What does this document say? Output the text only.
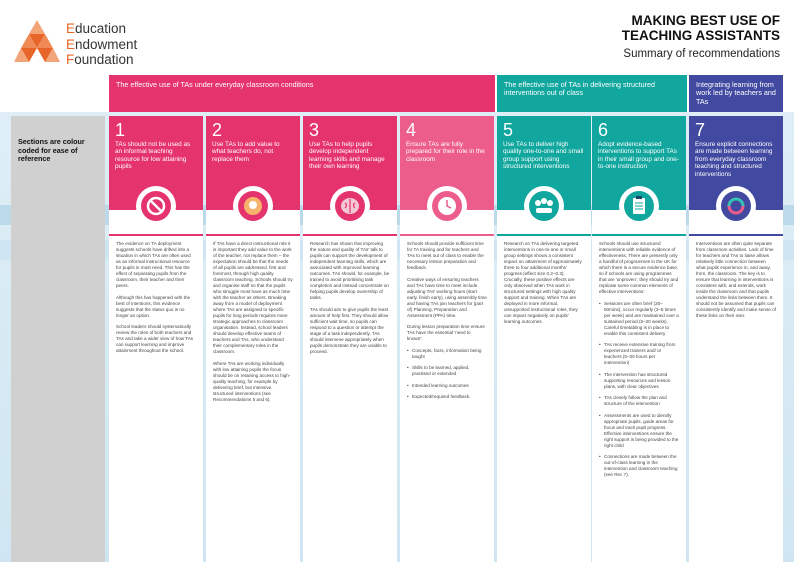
Education
Endowment
Foundation
MAKING BEST USE OF
TEACHING ASSISTANTS
Summary of recommendations
The effective use of TAs under everyday classroom conditions	The effective use of TAs in delivering structured interventions out of class
Integrating learning from work led by teachers and TAs
Sections are colour coded for ease of reference

The evidence on TA deployment suggests schools have drifted into a situation in which TAs are often used as an informal instructional resource for pupils in most need. This has the effect of separating pupils from the classroom, their teacher and their peers.

Although this has happened with the best of intentions, this evidence suggests that the status quo is no longer an option.

School leaders should systematically review the roles of both teachers and TAs and take a wider view of how TAs can support learning and improve attainment throughout the school.

1
TAs should not be used as an informal teaching resource for low attaining pupils

If TAs have a direct instructional role it is important they add value to the work of the teacher, not replace them – the expectation should be that the needs of all pupils are addressed, first and foremost, through high quality classroom teaching. Schools should try and organise staff so that the pupils who struggle most have as much time with the teacher as others. Breaking away from a model of deployment where TAs are assigned to specific pupils for long periods requires more strategic approaches to classroom organisation. Instead, school leaders should develop effective teams of teachers and TAs, who understand their complementary roles in the classroom.

Where TAs are working individually with low attaining pupils the focus should be on retaining access to high-quality teaching, for example by delivering brief, but intensive, structured interventions (see Recommendations 5 and 6).

2
Use TAs to add value to what teachers do, not replace them

Research has shown that improving the nature and quality of TAs' talk to pupils can support the development of independent learning skills, which are associated with improved learning outcomes. TAs should, for example, be trained to avoid prioritising task completion and instead concentrate on helping pupils develop ownership of tasks.

TAs should aim to give pupils the least amount of help first. They should allow sufficient wait time, so pupils can respond to a question or attempt the stage of a task independently. TAs should intervene appropriately when pupils demonstrate they are unable to proceed.

3
Use TAs to help pupils develop independent learning skills and manage their own learning

Schools should provide sufficient time for TA training and for teachers and TAs to meet out of class to enable the necessary lesson preparation and feedback.

Creative ways of ensuring teachers and TAs have time to meet include adjusting TAs' working hours (start early, finish early), using assembly time and having TAs join teachers for (part of) Planning, Preparation and Assessment (PPA) time.

During lesson preparation time ensure TAs have the essential 'need to knows':

• Concepts, facts, information being taught
• Skills to be learned, applied, practised or extended
• Intended learning outcomes
• Expected/required feedback.
4
Ensure TAs are fully prepared for their role in the classroom

Research on TAs delivering targeted interventions in one-to-one or small group settings shows a consistent impact on attainment of approximately three to four additional months' progress (effect size 0.2–0.3). Crucially, these positive effects are only observed when TAs work in structured settings with high quality support and training. When TAs are deployed in more informal, unsupported instructional roles, they can impact negatively on pupils' learning outcomes.

5
Use TAs to deliver high quality one-to-one and small group support using structured interventions

Schools should use structured interventions with reliable evidence of effectiveness. There are presently only a handful of programmes in the UK for which there is a secure evidence base, so if schools are using programmes that are 'unproven', they should try and replicate some common elements of effective interventions:

• Sessions are often brief (20–50mins), occur regularly (3–5 times per week) and are maintained over a sustained period (8–20 weeks). Careful timetabling is in place to enable this consistent delivery
• TAs receive extensive training from experienced trainers and/ or teachers (5–30 hours per intervention)
• The intervention has structured supporting resources and lesson plans, with clear objectives
• TAs closely follow the plan and structure of the intervention
• Assessments are used to identify appropriate pupils, guide areas for focus and track pupil progress. Effective interventions ensure the right support is being provided to the right child
• Connections are made between the out-of-class learning in the intervention and classroom teaching (see Rec 7).
6
Adopt evidence-based interventions to support TAs in their small group and one-to-one instruction

Interventions are often quite separate from classroom activities. Lack of time for teachers and TAs to liaise allows relatively little connection between what pupils experience in, and away, from, the classroom. The key is to ensure that learning in interventions is consistent with, and extends, work inside the classroom and that pupils understand the links between them. It should not be assumed that pupils can consistently identify and make sense of these links on their own.

7
Ensure explicit connections are made between learning from everyday classroom teaching and structured interventions
